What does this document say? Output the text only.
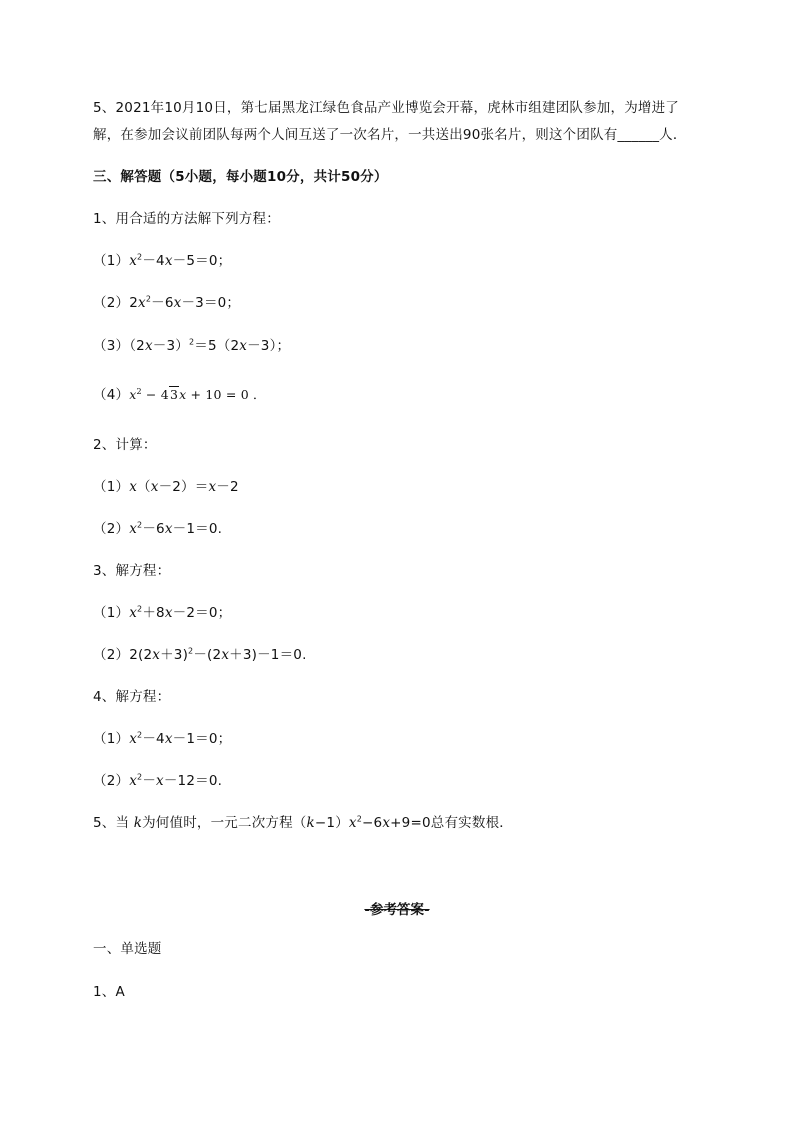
5、2021年10月10日，第七届黑龙江绿色食品产业博览会开幕，虎林市组建团队参加，为增进了
解，在参加会议前团队每两个人间互送了一次名片，一共送出90张名片，则这个团队有______人．
三、解答题（5小题，每小题10分，共计50分）
1、用合适的方法解下列方程：
$(1)x^2-4x-5=0$；
$(2)2x^2-6x-3=0$；
$(3)(2x-3)^2=5(2x-3)$；
$(4)x^2 - 43x + 10 = 0$ ．
2、计算：
（1）x（x－2）＝x－2
$(2)x^2-6x-1=0$.
3、解方程：
$(1)x^2+8x-2=0$；
$(2)2(2x+3)^2-(2x+3)-1=0$.
4、解方程：
$(1)x^2-4x-1=0$；
$(2)x^2-x-12=0$.
5、当 k为何值时，一元二次方程$(k-1)x^2-6x+9=0$总有实数根．
-参考答案-
一、单选题
1、A
